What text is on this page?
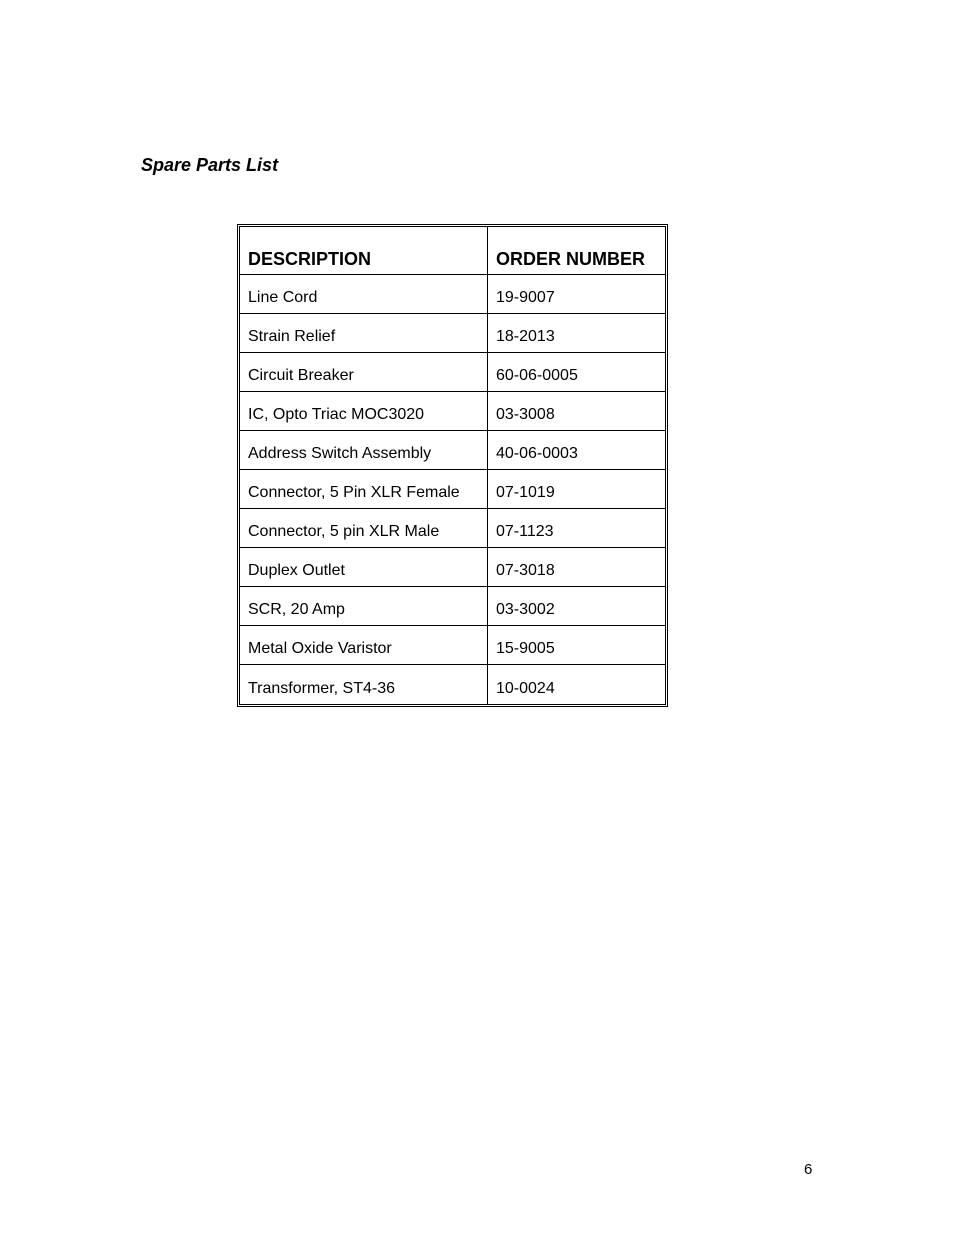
Spare Parts List
DESCRIPTION	ORDER NUMBER
Line Cord	19-9007
Strain Relief	18-2013
Circuit Breaker	60-06-0005
IC, Opto Triac MOC3020	03-3008
Address Switch Assembly	40-06-0003
Connector, 5 Pin XLR Female	07-1019
Connector, 5 pin XLR Male	07-1123
Duplex Outlet	07-3018
SCR, 20 Amp	03-3002
Metal Oxide Varistor	15-9005
Transformer, ST4-36	10-0024
6
